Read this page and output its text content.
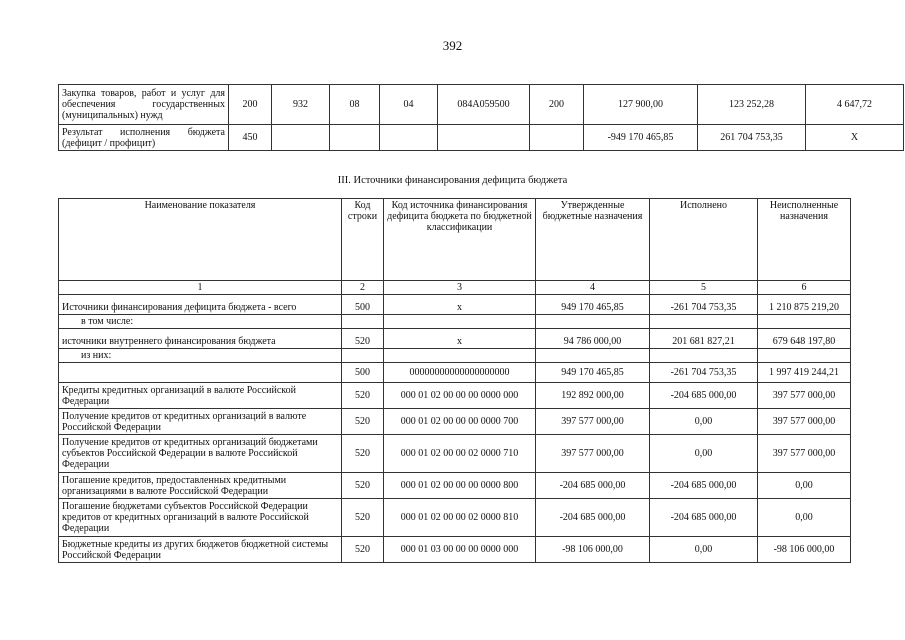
392
Закупка товаров, работ и услуг для обеспечения государственных (муниципальных) нужд	200	932	08	04	084А059500	200	127 900,00	123 252,28	4 647,72
Результат исполнения бюджета (дефицит / профицит)	450						-949 170 465,85	261 704 753,35	X
III. Источники финансирования дефицита бюджета
Наименование показателя	Код строки	Код источника финансирования дефицита бюджета по бюджетной классификации	Утвержденные бюджетные назначения	Исполнено	Неисполненные назначения
1	2	3	4	5	6
Источники финансирования дефицита бюджета - всего	500	x	949 170 465,85	-261 704 753,35	1 210 875 219,20
в том числе:					
источники внутреннего финансирования бюджета	520	x	94 786 000,00	201 681 827,21	679 648 197,80
из них:					
	500	00000000000000000000	949 170 465,85	-261 704 753,35	1 997 419 244,21
Кредиты кредитных организаций в валюте Российской Федерации	520	000 01 02 00 00 00 0000 000	192 892 000,00	-204 685 000,00	397 577 000,00
Получение кредитов от кредитных организаций в валюте Российской Федерации	520	000 01 02 00 00 00 0000 700	397 577 000,00	0,00	397 577 000,00
Получение кредитов от кредитных организаций бюджетами субъектов Российской Федерации в валюте Российской Федерации	520	000 01 02 00 00 02 0000 710	397 577 000,00	0,00	397 577 000,00
Погашение кредитов, предоставленных кредитными организациями в валюте Российской Федерации	520	000 01 02 00 00 00 0000 800	-204 685 000,00	-204 685 000,00	0,00
Погашение бюджетами субъектов Российской Федерации кредитов от кредитных организаций в валюте Российской Федерации	520	000 01 02 00 00 02 0000 810	-204 685 000,00	-204 685 000,00	0,00
Бюджетные кредиты из других бюджетов бюджетной системы Российской Федерации	520	000 01 03 00 00 00 0000 000	-98 106 000,00	0,00	-98 106 000,00
